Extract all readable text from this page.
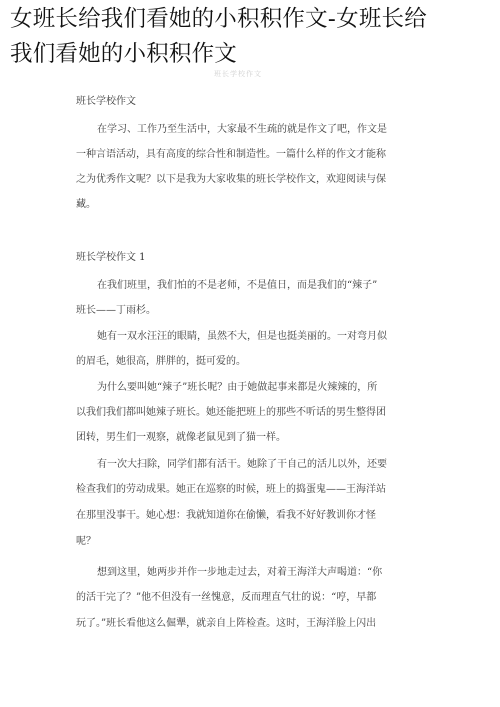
女班长给我们看她的小积积作文-女班长给
我们看她的小积积作文
班长学校作文
班长学校作文
在学习、工作乃至生活中，大家最不生疏的就是作文了吧，作文是
一种言语活动，具有高度的综合性和制造性。一篇什么样的作文才能称
之为优秀作文呢？以下是我为大家收集的班长学校作文，欢迎阅读与保
藏。
班长学校作文 1
在我们班里，我们怕的不是老师，不是值日，而是我们的“辣子”
班长——丁雨杉。
她有一双水汪汪的眼睛，虽然不大，但是也挺美丽的。一对弯月似
的眉毛，她很高，胖胖的，挺可爱的。
为什么要叫她“辣子”班长呢？由于她做起事来都是火辣辣的，所
以我们我们都叫她辣子班长。她还能把班上的那些不听话的男生整得团
团转，男生们一观察，就像老鼠见到了猫一样。
有一次大扫除，同学们都有活干。她除了干自己的活儿以外，还要
检查我们的劳动成果。她正在巡察的时候，班上的捣蛋鬼——王海洋站
在那里没事干。她心想：我就知道你在偷懒，看我不好好教训你才怪
呢？
想到这里，她两步并作一步地走过去，对着王海洋大声喝道：“你
的活干完了？”他不但没有一丝愧意，反而理直气壮的说：“哼，早都
玩了。”班长看他这么倔犟，就亲自上阵检查。这时，王海洋脸上闪出
